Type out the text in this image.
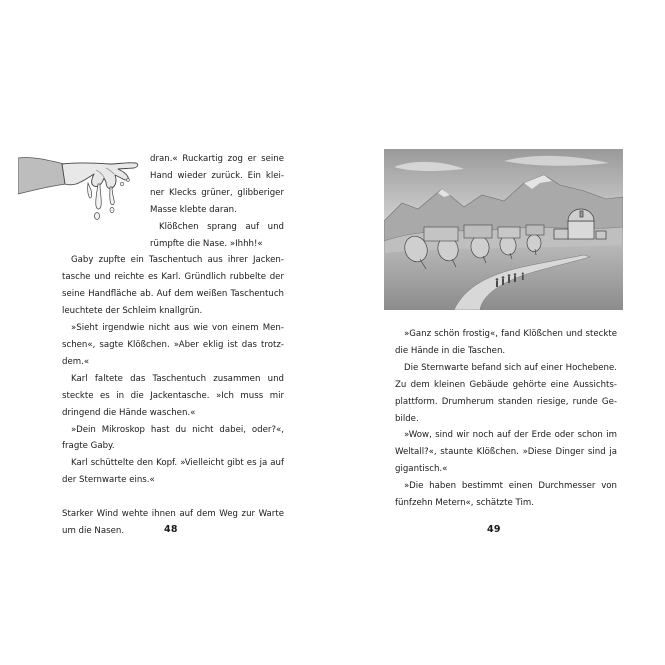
dran.« Ruckartig zog er seine Hand wieder zurück. Ein kleiner Klecks grüner, glibberiger Masse klebte daran.

Klößchen sprang auf und rümpfte die Nase. »Ihhh!«

Gaby zupfte ein Taschentuch aus ihrer Jackentasche und reichte es Karl. Gründlich rubbelte der seine Handfläche ab. Auf dem weißen Taschentuch leuchtete der Schleim knallgrün.

»Sieht irgendwie nicht aus wie von einem Menschen«, sagte Klößchen. »Aber eklig ist das trotzdem.«

Karl faltete das Taschentuch zusammen und steckte es in die Jackentasche. »Ich muss mir dringend die Hände waschen.«

»Dein Mikroskop hast du nicht dabei, oder?«, fragte Gaby.

Karl schüttelte den Kopf. »Vielleicht gibt es ja auf der Sternwarte eins.«

Starker Wind wehte ihnen auf dem Weg zur Warte um die Nasen.	48

»Ganz schön frostig«, fand Klößchen und steckte die Hände in die Taschen.

Die Sternwarte befand sich auf einer Hochebene. Zu dem kleinen Gebäude gehörte eine Aussichtsplattform. Drumherum standen riesige, runde Gebilde.

»Wow, sind wir noch auf der Erde oder schon im Weltall?«, staunte Klößchen. »Diese Dinger sind ja gigantisch.«

»Die haben bestimmt einen Durchmesser von fünfzehn Metern«, schätzte Tim.

49
